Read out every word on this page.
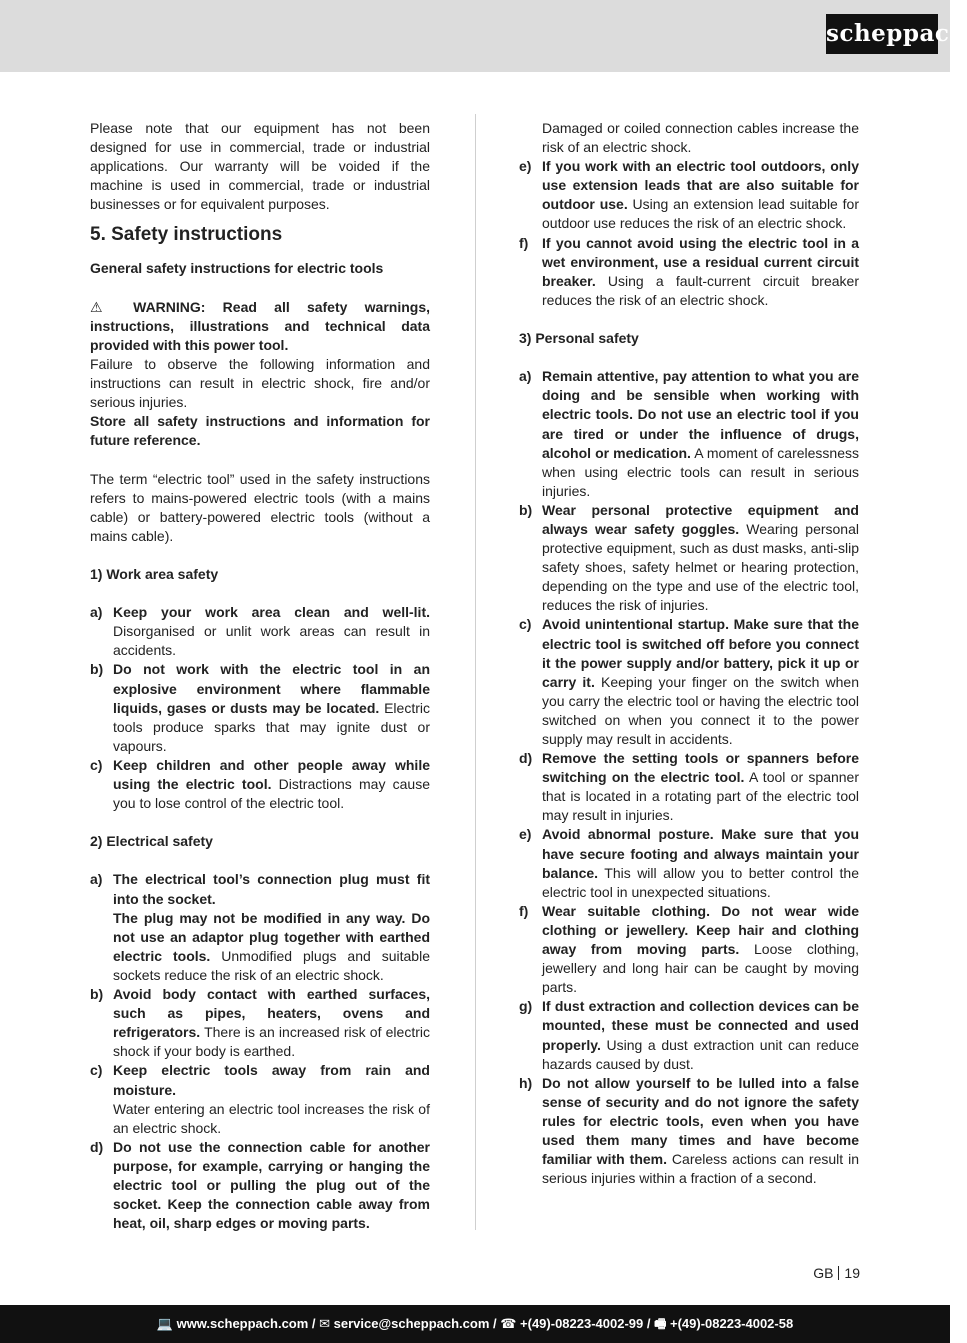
scheppach

Please note that our equipment has not been designed for use in commercial, trade or industrial applications. Our warranty will be voided if the machine is used in commercial, trade or industrial businesses or for equivalent purposes.

5. Safety instructions

General safety instructions for electric tools

⚠ WARNING: Read all safety warnings, instructions, illustrations and technical data provided with this power tool.

Failure to observe the following information and instructions can result in electric shock, fire and/or serious injuries.

Store all safety instructions and information for future reference.

The term “electric tool” used in the safety instructions refers to mains-powered electric tools (with a mains cable) or battery-powered electric tools (without a mains cable).

1) Work area safety

a) Keep your work area clean and well-lit. Disorganised or unlit work areas can result in accidents.
b) Do not work with the electric tool in an explosive environment where flammable liquids, gases or dusts may be located. Electric tools produce sparks that may ignite dust or vapours.
c) Keep children and other people away while using the electric tool. Distractions may cause you to lose control of the electric tool.

2) Electrical safety

a) The electrical tool’s connection plug must fit into the socket.

The plug may not be modified in any way. Do not use an adaptor plug together with earthed electric tools. Unmodified plugs and suitable sockets reduce the risk of an electric shock.

b) Avoid body contact with earthed surfaces, such as pipes, heaters, ovens and refrigerators. There is an increased risk of electric shock if your body is earthed.
c) Keep electric tools away from rain and moisture.

Water entering an electric tool increases the risk of an electric shock.

d) Do not use the connection cable for another purpose, for example, carrying or hanging the electric tool or pulling the plug out of the socket. Keep the connection cable away from heat, oil, sharp edges or moving parts.

Damaged or coiled connection cables increase the risk of an electric shock.

e) If you work with an electric tool outdoors, only use extension leads that are also suitable for outdoor use. Using an extension lead suitable for outdoor use reduces the risk of an electric shock.
f) If you cannot avoid using the electric tool in a wet environment, use a residual current circuit breaker. Using a fault-current circuit breaker reduces the risk of an electric shock.

3) Personal safety

a) Remain attentive, pay attention to what you are doing and be sensible when working with electric tools. Do not use an electric tool if you are tired or under the influence of drugs, alcohol or medication. A moment of carelessness when using electric tools can result in serious injuries.
b) Wear personal protective equipment and always wear safety goggles. Wearing personal protective equipment, such as dust masks, anti-slip safety shoes, safety helmet or hearing protection, depending on the type and use of the electric tool, reduces the risk of injuries.
c) Avoid unintentional startup. Make sure that the electric tool is switched off before you connect it the power supply and/or battery, pick it up or carry it. Keeping your finger on the switch when you carry the electric tool or having the electric tool switched on when you connect it to the power supply may result in accidents.
d) Remove the setting tools or spanners before switching on the electric tool. A tool or spanner that is located in a rotating part of the electric tool may result in injuries.
e) Avoid abnormal posture. Make sure that you have secure footing and always maintain your balance. This will allow you to better control the electric tool in unexpected situations.
f) Wear suitable clothing. Do not wear wide clothing or jewellery. Keep hair and clothing away from moving parts. Loose clothing, jewellery and long hair can be caught by moving parts.
g) If dust extraction and collection devices can be mounted, these must be connected and used properly. Using a dust extraction unit can reduce hazards caused by dust.
h) Do not allow yourself to be lulled into a false sense of security and do not ignore the safety rules for electric tools, even when you have used them many times and have become familiar with them. Careless actions can result in serious injuries within a fraction of a second.
GB 19
💻 www.scheppach.com / ✉ service@scheppach.com / ☎ +(49)-08223-4002-99 / 🖷 +(49)-08223-4002-58
